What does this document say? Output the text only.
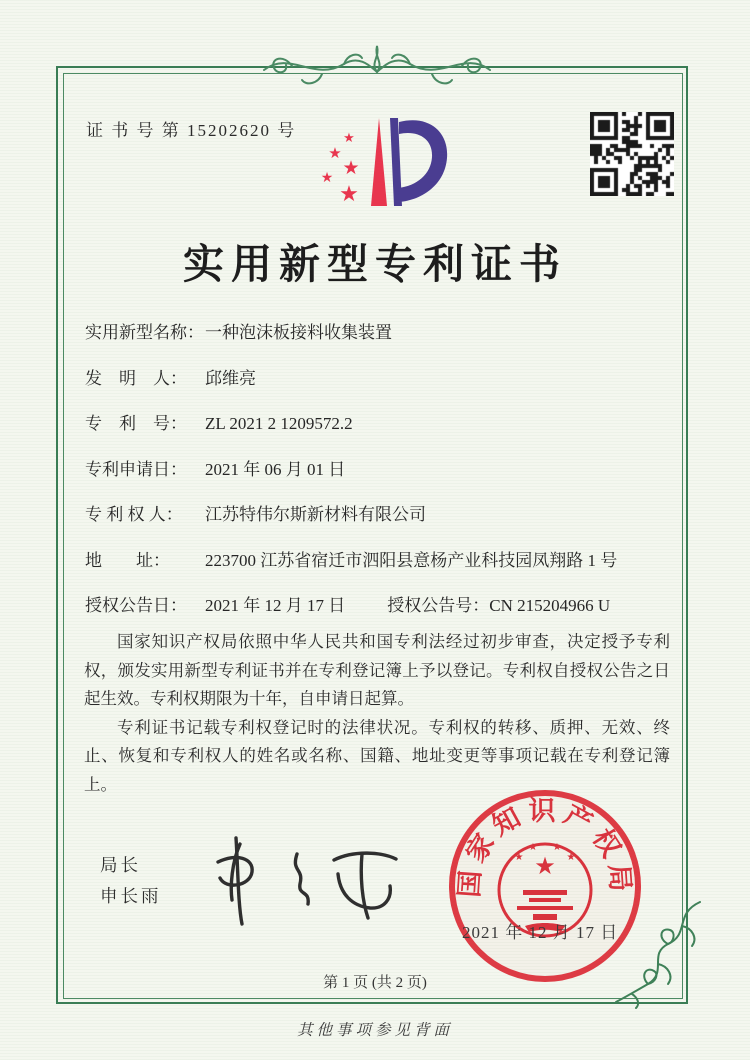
证 书 号 第 15202620 号	★
★
★
★
★
实用新型专利证书
实用新型名称：一种泡沫板接料收集装置
发　明　人： 邱维亮
专　利　号： ZL 2021 2 1209572.2
专利申请日： 2021 年 06 月 01 日
专 利 权 人： 江苏特伟尔斯新材料有限公司
地　　址： 223700 江苏省宿迁市泗阳县意杨产业科技园凤翔路 1 号
授权公告日： 2021 年 12 月 17 日 授权公告号：CN 215204966 U

国家知识产权局依照中华人民共和国专利法经过初步审查，决定授予专利权，颁发实用新型专利证书并在专利登记簿上予以登记。专利权自授权公告之日起生效。专利权期限为十年，自申请日起算。

专利证书记载专利权登记时的法律状况。专利权的转移、质押、无效、终止、恢复和专利权人的姓名或名称、国籍、地址变更等事项记载在专利登记簿上。

局长
申长雨	国家知识产权局
★
★
★ ★
★
2021 年 12 月 17 日
第 1 页 (共 2 页)
其他事项参见背面
